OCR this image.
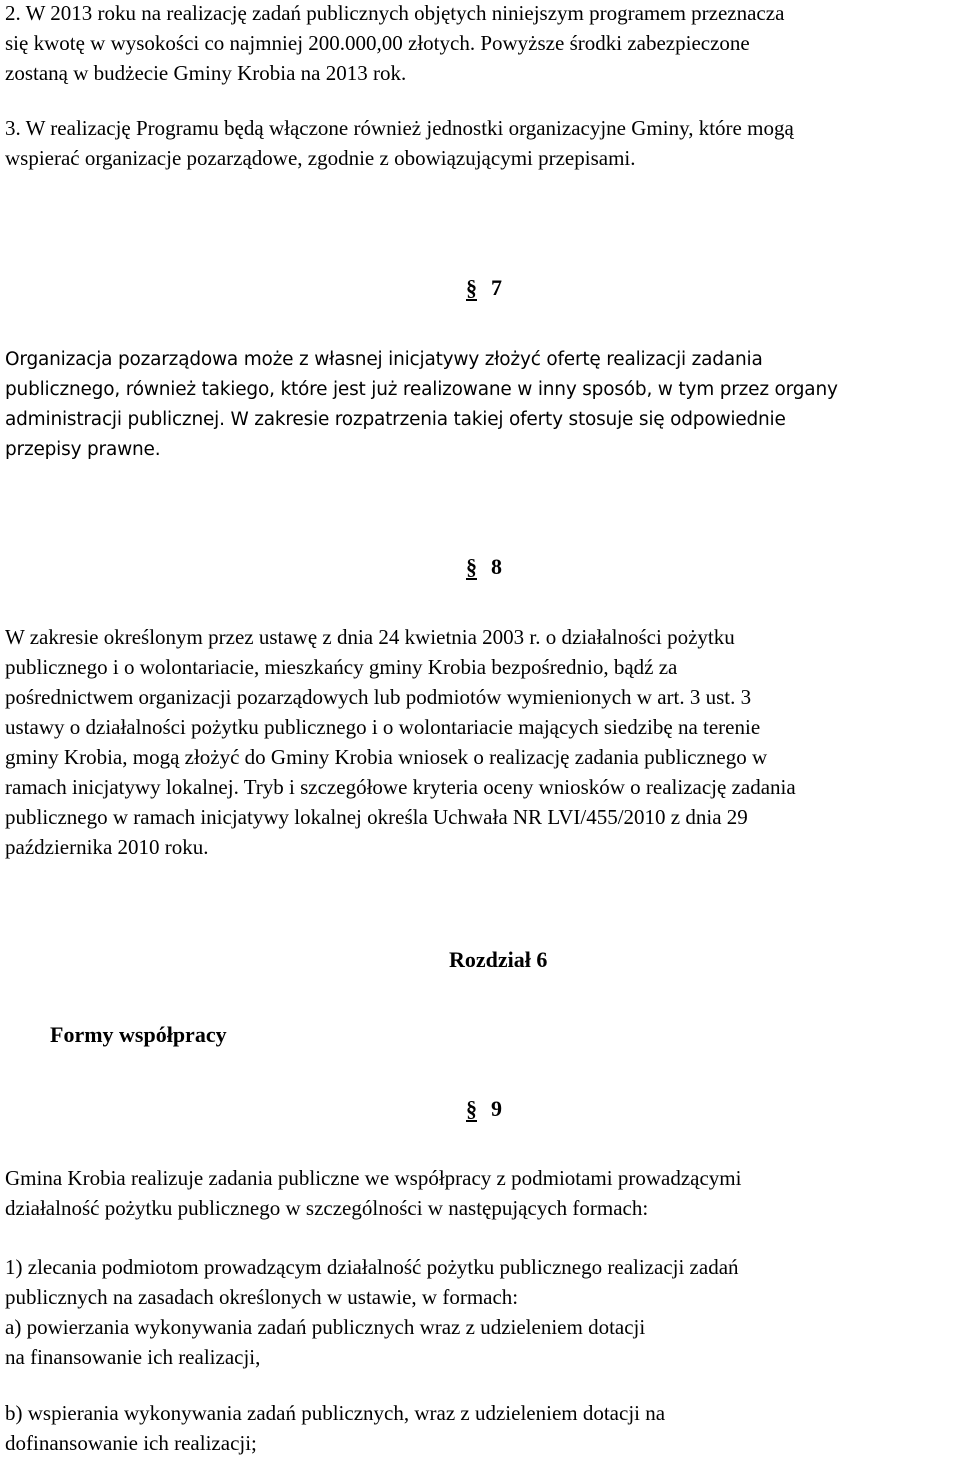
2. W 2013 roku na realizację zadań publicznych objętych niniejszym programem przeznacza
się kwotę w wysokości co najmniej 200.000,00 złotych. Powyższe środki zabezpieczone
zostaną w budżecie Gminy Krobia na 2013 rok.
3. W realizację Programu będą włączone również jednostki organizacyjne Gminy, które mogą
wspierać organizacje pozarządowe, zgodnie z obowiązującymi przepisami.
§ 7
Organizacja pozarządowa może z własnej inicjatywy złożyć ofertę realizacji zadania
publicznego, również takiego, które jest już realizowane w inny sposób, w tym przez organy
administracji publicznej. W zakresie rozpatrzenia takiej oferty stosuje się odpowiednie
przepisy prawne.
§ 8
W zakresie określonym przez ustawę z dnia 24 kwietnia 2003 r. o działalności pożytku
publicznego i o wolontariacie, mieszkańcy gminy Krobia bezpośrednio, bądź za
pośrednictwem organizacji pozarządowych lub podmiotów wymienionych w art. 3 ust. 3
ustawy o działalności pożytku publicznego i o wolontariacie mających siedzibę na terenie
gminy Krobia, mogą złożyć do Gminy Krobia wniosek o realizację zadania publicznego w
ramach inicjatywy lokalnej. Tryb i szczegółowe kryteria oceny wniosków o realizację zadania
publicznego w ramach inicjatywy lokalnej określa Uchwała NR LVI/455/2010 z dnia 29
października 2010 roku.
Rozdział 6
Formy współpracy
§ 9
Gmina Krobia realizuje zadania publiczne we współpracy z podmiotami prowadzącymi
działalność pożytku publicznego w szczególności w następujących formach:
1) zlecania podmiotom prowadzącym działalność pożytku publicznego realizacji zadań
publicznych na zasadach określonych w ustawie, w formach:
a) powierzania wykonywania zadań publicznych wraz z udzieleniem dotacji
na finansowanie ich realizacji,
b) wspierania wykonywania zadań publicznych, wraz z udzieleniem dotacji na
dofinansowanie ich realizacji;
